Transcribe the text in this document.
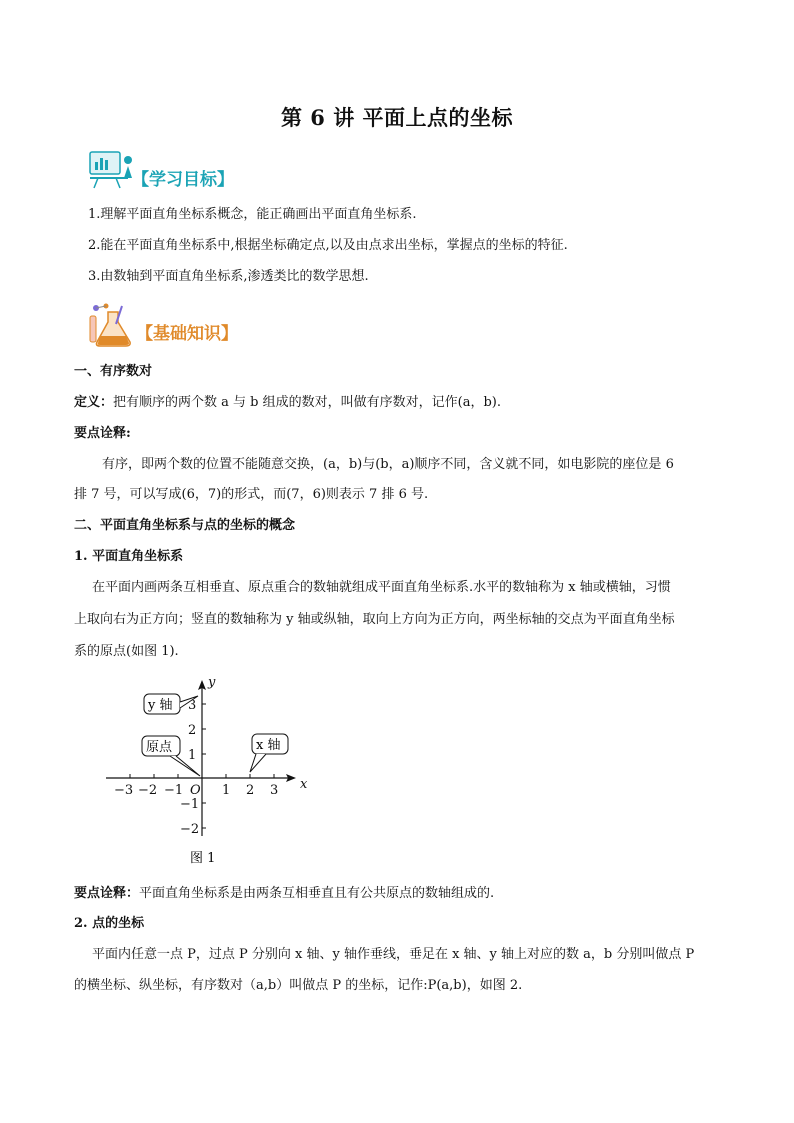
第 6 讲 平面上点的坐标
【学习目标】
1.理解平面直角坐标系概念，能正确画出平面直角坐标系.
2.能在平面直角坐标系中,根据坐标确定点,以及由点求出坐标，掌握点的坐标的特征.
3.由数轴到平面直角坐标系,渗透类比的数学思想.
【基础知识】
一、有序数对
定义：把有顺序的两个数 a 与 b 组成的数对，叫做有序数对，记作(a，b).
要点诠释:
有序，即两个数的位置不能随意交换，(a，b)与(b，a)顺序不同，含义就不同，如电影院的座位是 6
排 7 号，可以写成(6，7)的形式，而(7，6)则表示 7 排 6 号.
二、平面直角坐标系与点的坐标的概念
1. 平面直角坐标系
在平面内画两条互相垂直、原点重合的数轴就组成平面直角坐标系.水平的数轴称为 x 轴或横轴，习惯
上取向右为正方向；竖直的数轴称为 y 轴或纵轴，取向上方向为正方向，两坐标轴的交点为平面直角坐标
系的原点(如图 1).
−3 −2 −1 O 1 2 3 x
3
2
1
−1
−2
y
y 轴
原点	x 轴
图 1
要点诠释：平面直角坐标系是由两条互相垂直且有公共原点的数轴组成的.
2. 点的坐标
平面内任意一点 P，过点 P 分别向 x 轴、y 轴作垂线，垂足在 x 轴、y 轴上对应的数 a，b 分别叫做点 P
的横坐标、纵坐标，有序数对（a,b）叫做点 P 的坐标，记作:P(a,b)，如图 2.
